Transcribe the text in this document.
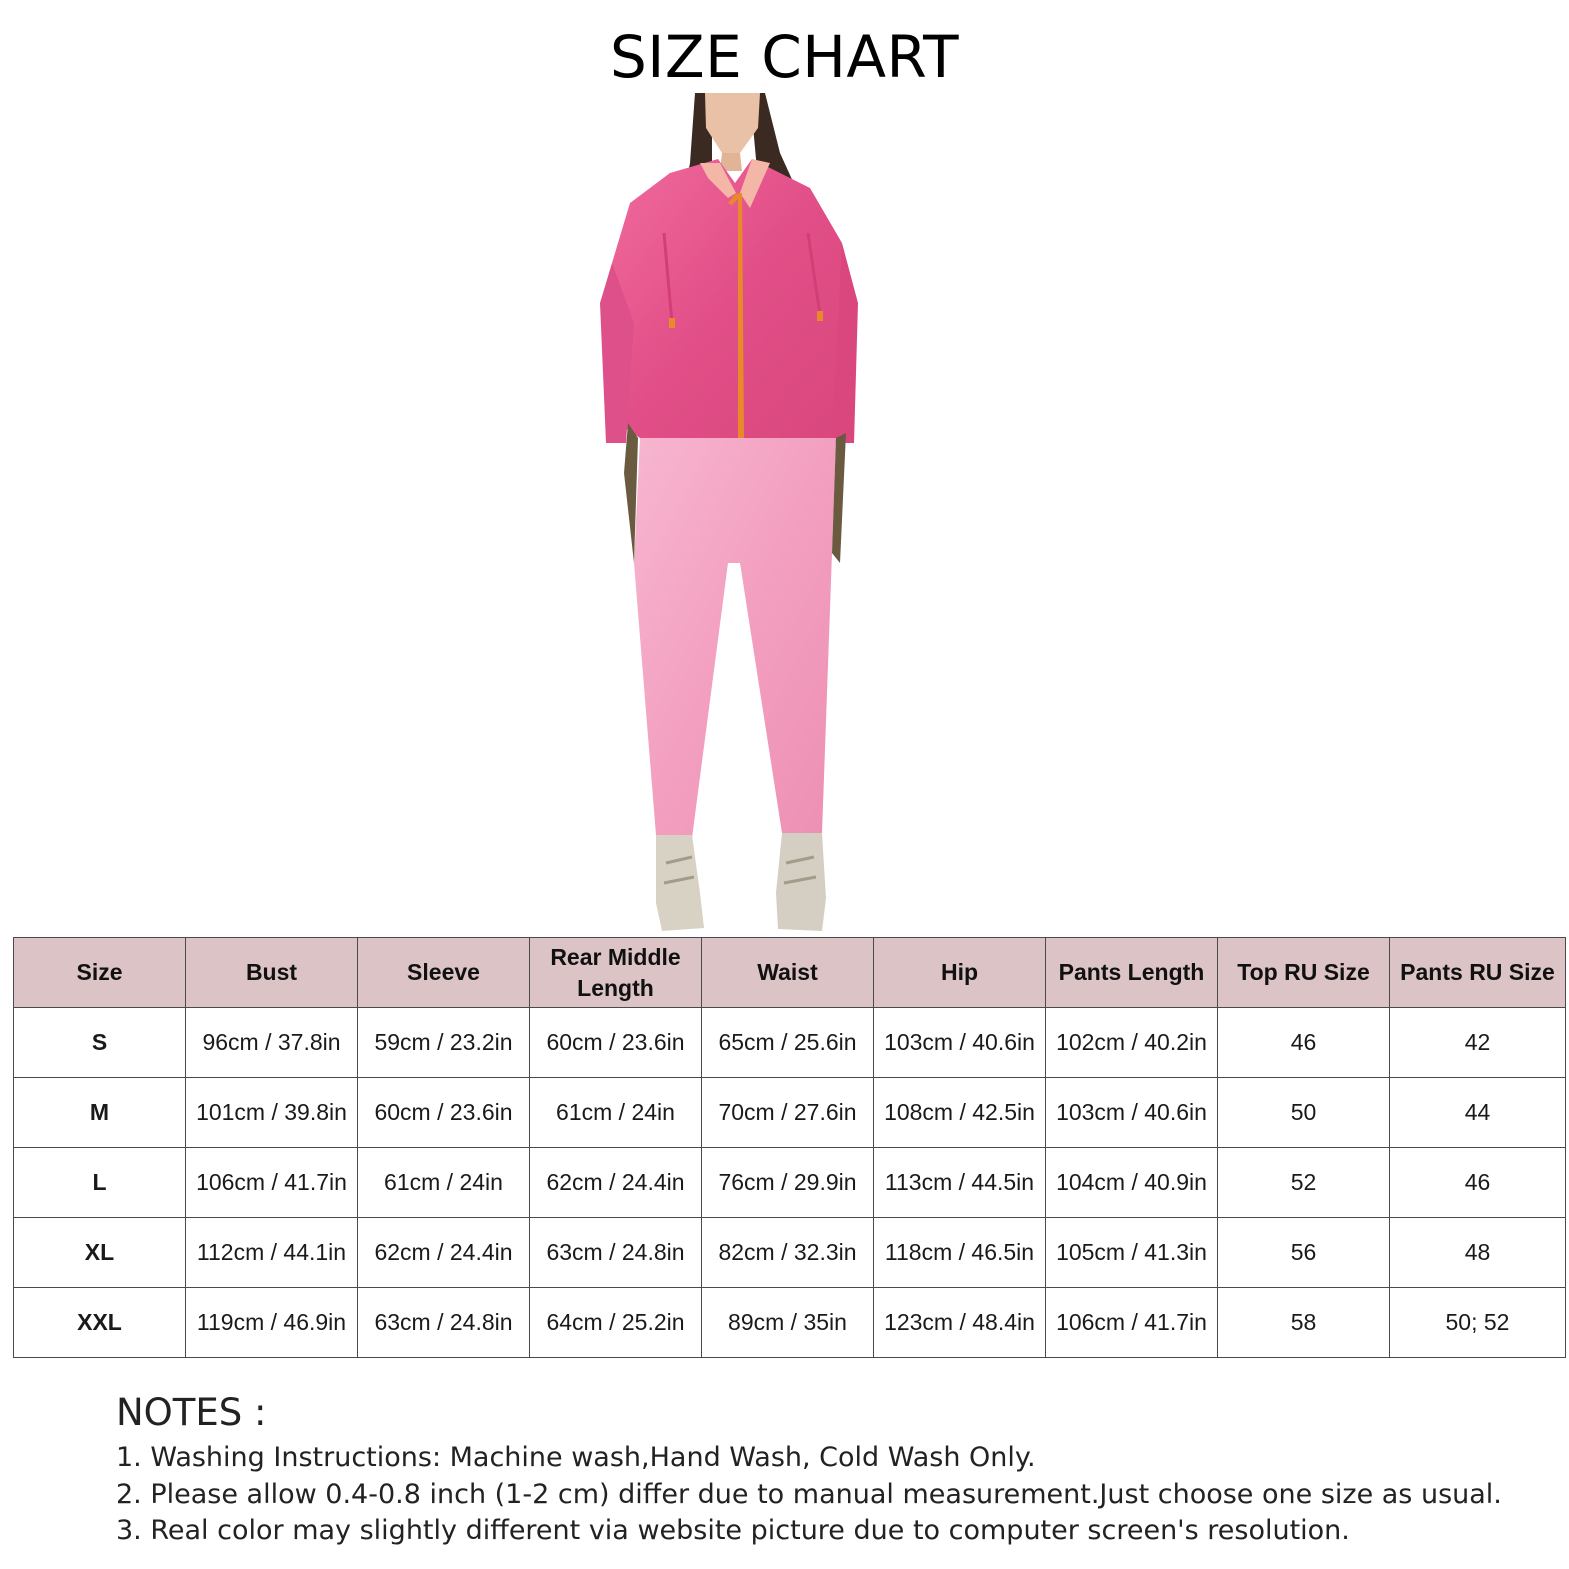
SIZE CHART
Size	Bust	Sleeve	Rear Middle Length	Waist	Hip	Pants Length	Top RU Size	Pants RU Size
S	96cm / 37.8in	59cm / 23.2in	60cm / 23.6in	65cm / 25.6in	103cm / 40.6in	102cm / 40.2in	46	42
M	101cm / 39.8in	60cm / 23.6in	61cm / 24in	70cm / 27.6in	108cm / 42.5in	103cm / 40.6in	50	44
L	106cm / 41.7in	61cm / 24in	62cm / 24.4in	76cm / 29.9in	113cm / 44.5in	104cm / 40.9in	52	46
XL	112cm / 44.1in	62cm / 24.4in	63cm / 24.8in	82cm / 32.3in	118cm / 46.5in	105cm / 41.3in	56	48
XXL	119cm / 46.9in	63cm / 24.8in	64cm / 25.2in	89cm / 35in	123cm / 48.4in	106cm / 41.7in	58	50; 52
NOTES :
1. Washing Instructions: Machine wash,Hand Wash, Cold Wash Only.
2. Please allow 0.4-0.8 inch (1-2 cm) differ due to manual measurement.Just choose one size as usual.
3. Real color may slightly different via website picture due to computer screen's resolution.
